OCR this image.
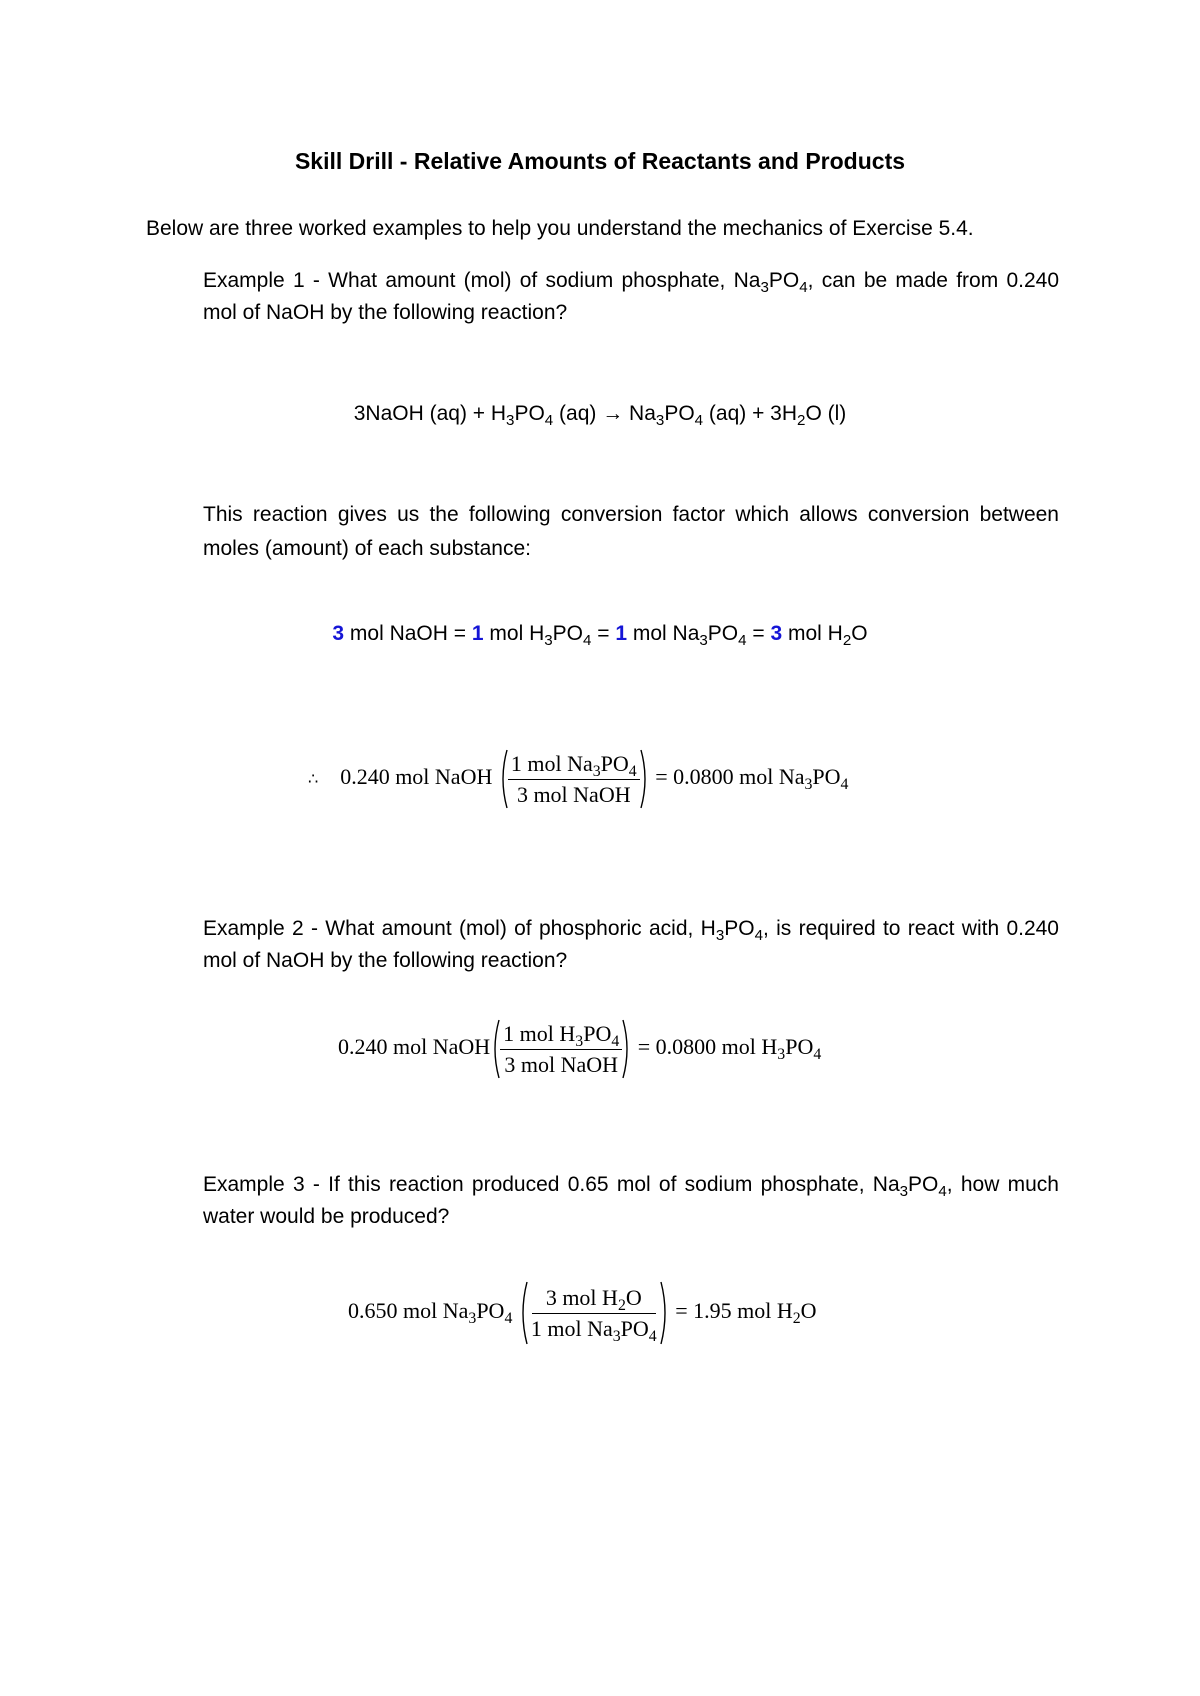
Skill Drill - Relative Amounts of Reactants and Products
Below are three worked examples to help you understand the mechanics of Exercise 5.4.
Example 1 - What amount (mol) of sodium phosphate, $Na_3PO_4$, can be made from 0.240 mol of NaOH by the following reaction?
3NaOH $(aq) + H_3PO_4$ $(aq) \to Na_3PO_4$ $(aq) + 3H_2O$ (l)
This reaction gives us the following conversion factor which allows conversion between moles (amount) of each substance:
3 mol NaOH = 1 mol $H_3PO_4 = 1$ mol $Na_3PO_4 = 3$ mol $H_2O$
∴ 0.240 mol NaOH $\frac{1 mol Na_3PO_4}{\text{3 mol NaOH}} = 0.0800$ mol $Na_3PO_4$
Example 2 - What amount (mol) of phosphoric acid, $H_3PO_4$, is required to react with 0.240 mol of NaOH by the following reaction?
0.240 mol NaOH $\frac{1 mol H_3PO_4}{\text{3 mol NaOH}} = 0.0800$ mol $H_3PO_4$
Example 3 - If this reaction produced 0.65 mol of sodium phosphate, $Na_3PO_4$, how much water would be produced?
0.650 mol $Na_3PO_4 \frac{3 mol H_2O}{1 mol Na_3PO_4} = 1.95$ mol $H_2O$
